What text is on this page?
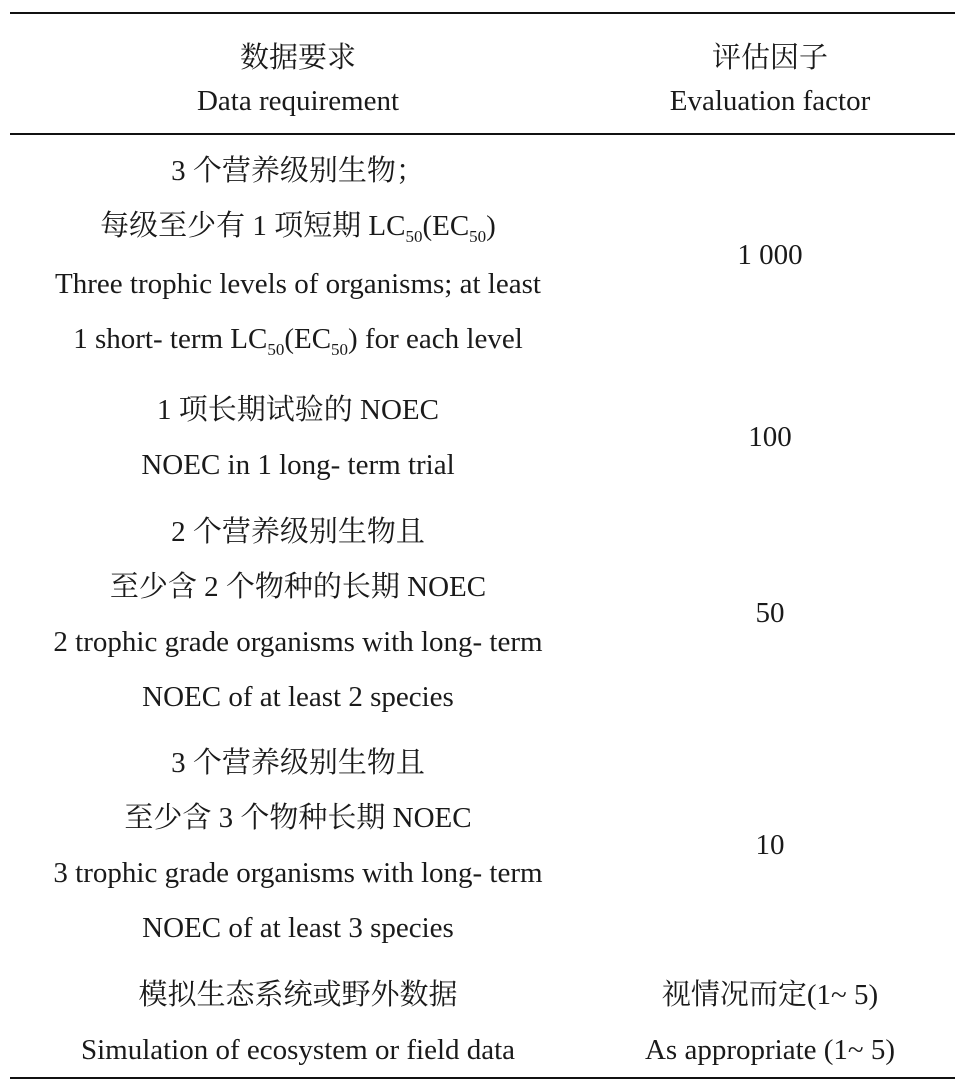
数据要求
Data requirement
评估因子
Evaluation factor
3 个营养级别生物；
每级至少有 1 项短期 $LC_{50}(EC_{50})$
Three trophic levels of organisms; at least
1 short- term $LC_{50}(EC_{50})$ for each level
1 000
1 项长期试验的 NOEC
NOEC in 1 long- term trial
100
2 个营养级别生物且
至少含 2 个物种的长期 NOEC
2 trophic grade organisms with long- term
NOEC of at least 2 species
50
3 个营养级别生物且
至少含 3 个物种长期 NOEC
3 trophic grade organisms with long- term
NOEC of at least 3 species
10
模拟生态系统或野外数据
Simulation of ecosystem or field data
视情况而定(1~ 5)
As appropriate (1~ 5)
